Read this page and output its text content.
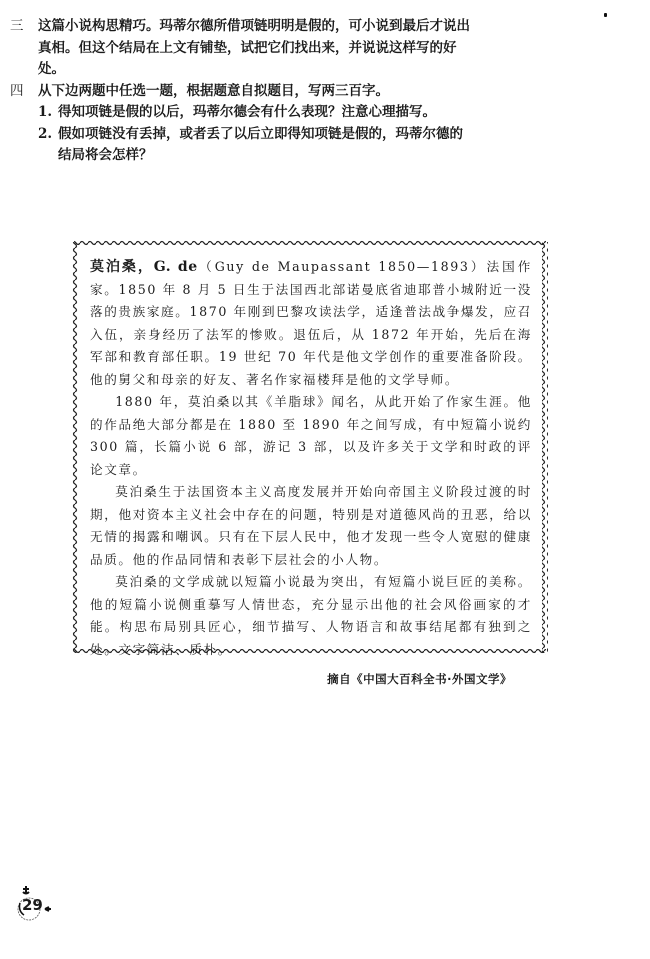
三	这篇小说构思精巧。玛蒂尔德所借项链明明是假的，可小说到最后才说出真相。但这个结局在上文有铺垫，试把它们找出来，并说说这样写的好处。
四	从下边两题中任选一题，根据题意自拟题目，写两三百字。
1. 得知项链是假的以后，玛蒂尔德会有什么表现？注意心理描写。
2. 假如项链没有丢掉，或者丢了以后立即得知项链是假的，玛蒂尔德的结局将会怎样？

莫泊桑，G. de（Guy de Maupassant 1850—1893）法国作家。1850 年 8 月 5 日生于法国西北部诺曼底省迪耶普小城附近一没落的贵族家庭。1870 年刚到巴黎攻读法学，适逢普法战争爆发，应召入伍，亲身经历了法军的惨败。退伍后，从 1872 年开始，先后在海军部和教育部任职。19 世纪 70 年代是他文学创作的重要准备阶段。他的舅父和母亲的好友、著名作家福楼拜是他的文学导师。

1880 年，莫泊桑以其《羊脂球》闻名，从此开始了作家生涯。他的作品绝大部分都是在 1880 至 1890 年之间写成，有中短篇小说约 300 篇，长篇小说 6 部，游记 3 部，以及许多关于文学和时政的评论文章。

莫泊桑生于法国资本主义高度发展并开始向帝国主义阶段过渡的时期，他对资本主义社会中存在的问题，特别是对道德风尚的丑恶，给以无情的揭露和嘲讽。只有在下层人民中，他才发现一些令人宽慰的健康品质。他的作品同情和表彰下层社会的小人物。

莫泊桑的文学成就以短篇小说最为突出，有短篇小说巨匠的美称。他的短篇小说侧重摹写人情世态，充分显示出他的社会风俗画家的才能。构思布局别具匠心，细节描写、人物语言和故事结尾都有独到之处。文字简洁、质朴。

摘自《中国大百科全书·外国文学》
29
